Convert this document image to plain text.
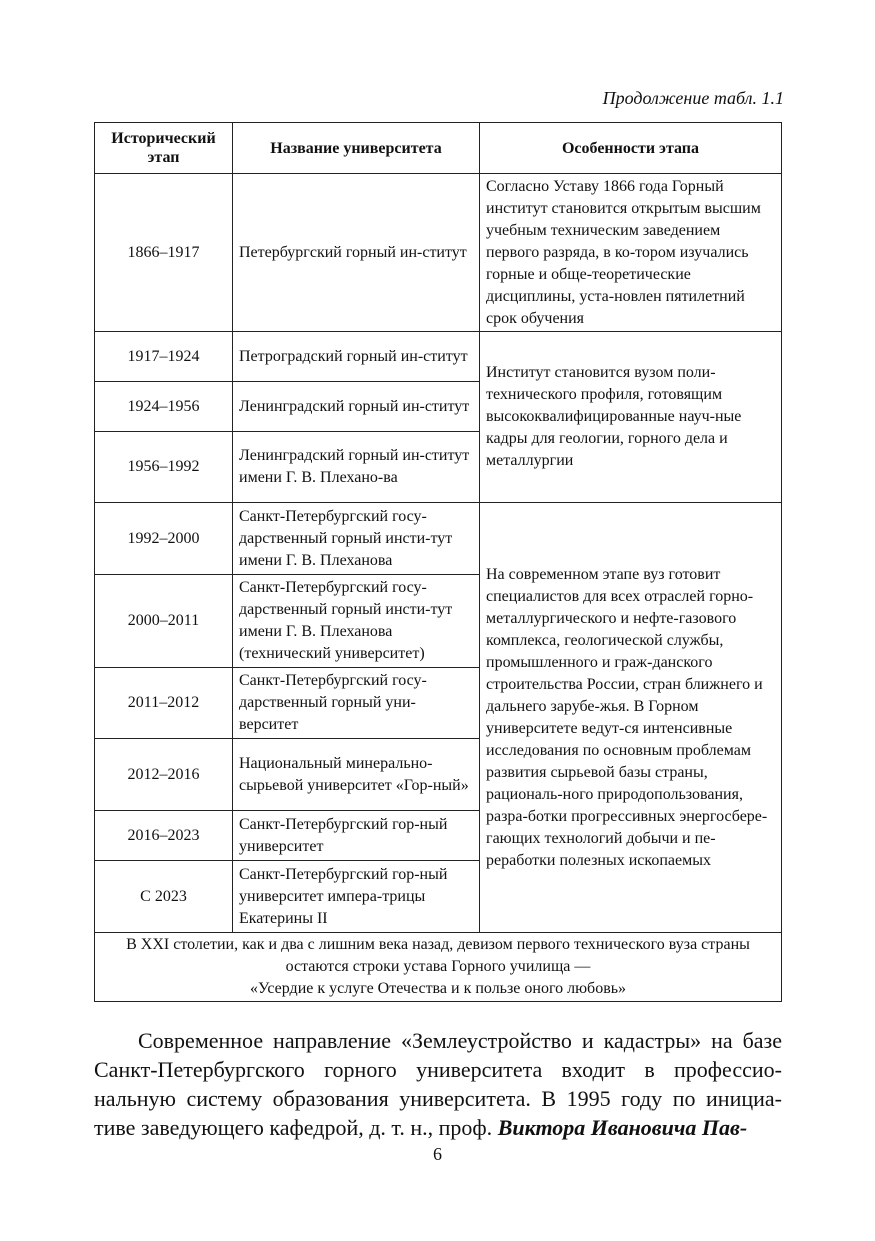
Продолжение табл. 1.1
Исторический этап	Название университета	Особенности этапа
1866–1917	Петербургский горный ин-ститут	Согласно Уставу 1866 года Горный институт становится открытым высшим учебным техническим заведением первого разряда, в ко-тором изучались горные и обще-теоретические дисциплины, уста-новлен пятилетний срок обучения
1917–1924	Петроградский горный ин-ститут	Институт становится вузом поли-технического профиля, готовящим высококвалифицированные науч-ные кадры для геологии, горного дела и металлургии
1924–1956	Ленинградский горный ин-ститут	
1956–1992	Ленинградский горный ин-ститут имени Г. В. Плехано-ва	
1992–2000	Санкт-Петербургский госу-дарственный горный инсти-тут имени Г. В. Плеханова	На современном этапе вуз готовит специалистов для всех отраслей горно-металлургического и нефте-газового комплекса, геологической службы, промышленного и граж-данского строительства России, стран ближнего и дальнего зарубе-жья. В Горном университете ведут-ся интенсивные исследования по основным проблемам развития сырьевой базы страны, рациональ-ного природопользования, разра-ботки прогрессивных энергосбере-гающих технологий добычи и пе-реработки полезных ископаемых
2000–2011	Санкт-Петербургский госу-дарственный горный инсти-тут имени Г. В. Плеханова (технический университет)	
2011–2012	Санкт-Петербургский госу-дарственный горный уни-верситет	
2012–2016	Национальный минерально-сырьевой университет «Гор-ный»	
2016–2023	Санкт-Петербургский гор-ный университет	
С 2023	Санкт-Петербургский гор-ный университет импера-трицы Екатерины II	

В XXI столетии, как и два с лишним века назад, девизом первого технического вуза страны остаются строки устава Горного училища —
«Усердие к услуге Отечества и к пользе оного любовь»		

Современное направление «Землеустройство и кадастры» на базе Санкт-Петербургского горного университета входит в профессио-нальную систему образования университета. В 1995 году по инициа-тиве заведующего кафедрой, д. т. н., проф. Виктора Ивановича Пав-

6
